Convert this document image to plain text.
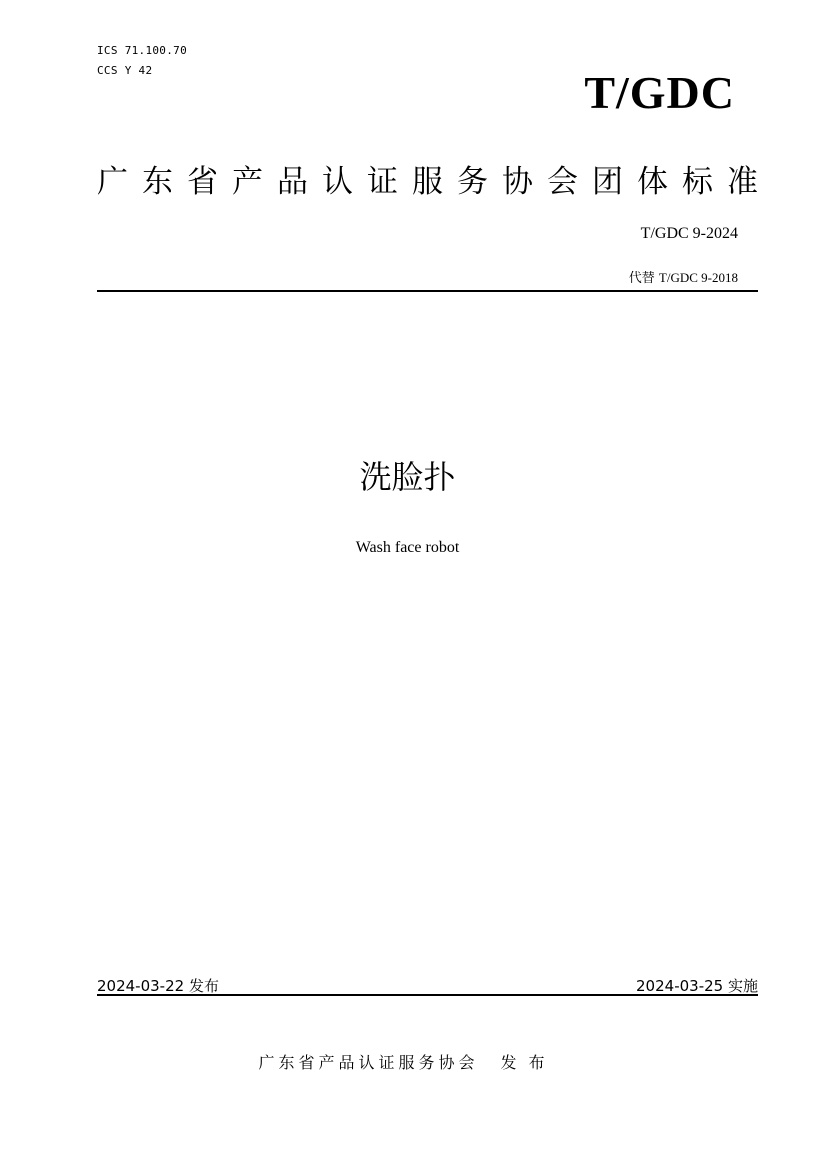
ICS 71.100.70
CCS Y 42	T/GDC
广 东 省 产 品 认 证 服 务 协 会 团 体 标 准
T/GDC 9-2024
代替 T/GDC 9-2018
洗脸扑
Wash face robot
2024-03-22 发布	2024-03-25 实施
广东省产品认证服务协会 发布
